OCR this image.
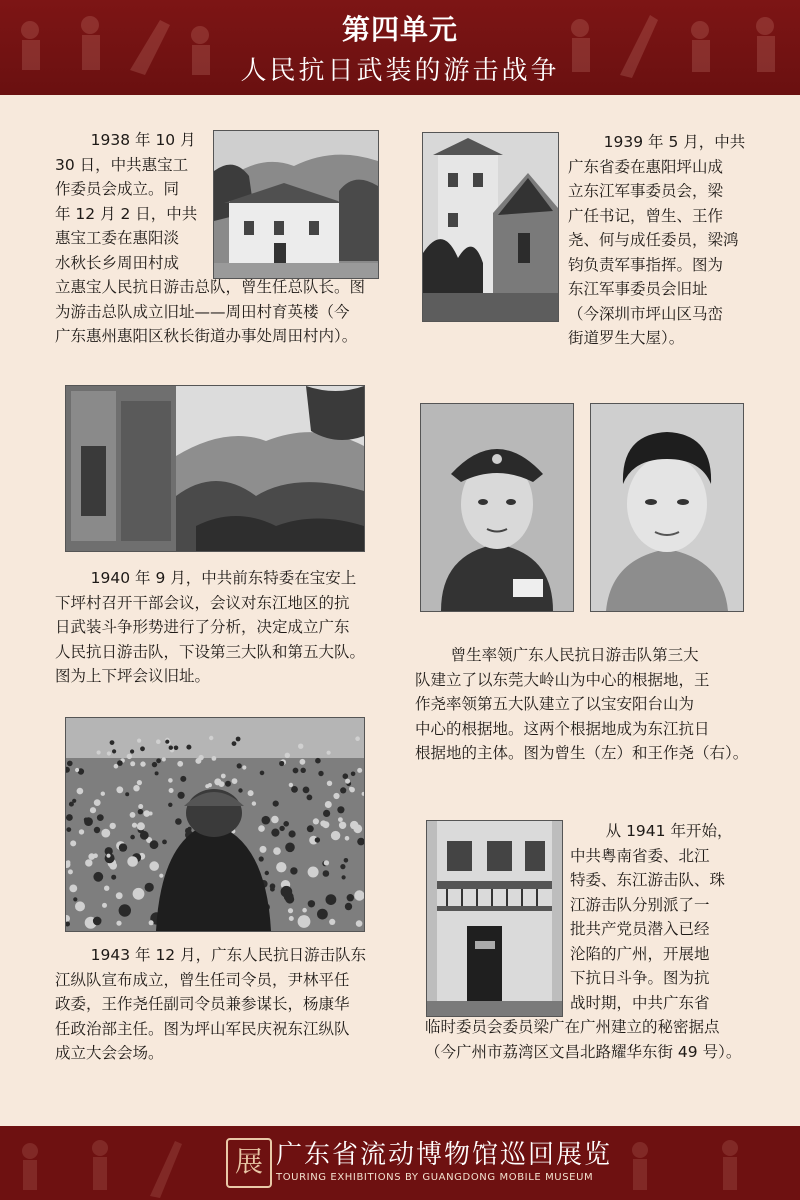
第四单元
人民抗日武装的游击战争
1938 年 10 月
30 日，中共惠宝工
作委员会成立。同
年 12 月 2 日，中共
惠宝工委在惠阳淡
水秋长乡周田村成
立惠宝人民抗日游击总队，曾生任总队长。图
为游击总队成立旧址——周田村育英楼（今
广东惠州惠阳区秋长街道办事处周田村内）。
1939 年 5 月，中共
广东省委在惠阳坪山成
立东江军事委员会，梁
广任书记，曾生、王作
尧、何与成任委员，梁鸿
钧负责军事指挥。图为
东江军事委员会旧址
（今深圳市坪山区马峦
街道罗生大屋）。
1940 年 9 月，中共前东特委在宝安上
下坪村召开干部会议，会议对东江地区的抗
日武装斗争形势进行了分析，决定成立广东
人民抗日游击队，下设第三大队和第五大队。
图为上下坪会议旧址。
曾生率领广东人民抗日游击队第三大
队建立了以东莞大岭山为中心的根据地，王
作尧率领第五大队建立了以宝安阳台山为
中心的根据地。这两个根据地成为东江抗日
根据地的主体。图为曾生（左）和王作尧（右）。
1943 年 12 月，广东人民抗日游击队东
江纵队宣布成立，曾生任司令员，尹林平任
政委，王作尧任副司令员兼参谋长，杨康华
任政治部主任。图为坪山军民庆祝东江纵队
成立大会会场。
从 1941 年开始，
中共粤南省委、北江
特委、东江游击队、珠
江游击队分别派了一
批共产党员潜入已经
沦陷的广州，开展地
下抗日斗争。图为抗
战时期，中共广东省
临时委员会委员梁广在广州建立的秘密据点
（今广州市荔湾区文昌北路耀华东街 49 号）。
展 广东省流动博物馆巡回展览
TOURING EXHIBITIONS BY GUANGDONG MOBILE MUSEUM
